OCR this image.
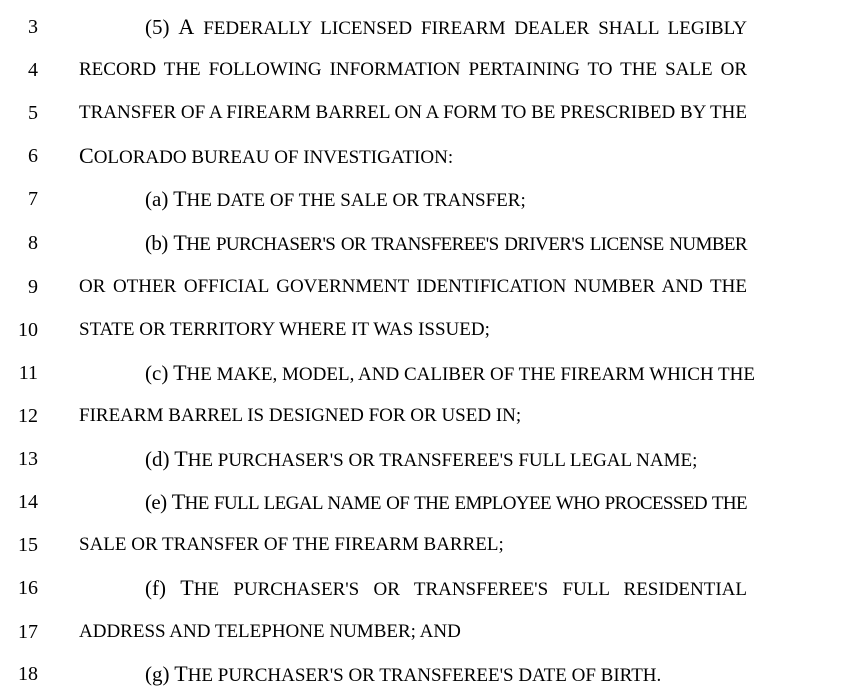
3	(5) A FEDERALLY LICENSED FIREARM DEALER SHALL LEGIBLY
4 RECORD THE FOLLOWING INFORMATION PERTAINING TO THE SALE OR
5 TRANSFER OF A FIREARM BARREL ON A FORM TO BE PRESCRIBED BY THE
6 COLORADO BUREAU OF INVESTIGATION:
7	(a) THE DATE OF THE SALE OR TRANSFER;
8	(b) THE PURCHASER'S OR TRANSFEREE'S DRIVER'S LICENSE NUMBER
9 OR OTHER OFFICIAL GOVERNMENT IDENTIFICATION NUMBER AND THE
10 STATE OR TERRITORY WHERE IT WAS ISSUED;
11	(c) THE MAKE, MODEL, AND CALIBER OF THE FIREARM WHICH THE
12 FIREARM BARREL IS DESIGNED FOR OR USED IN;
13	(d) THE PURCHASER'S OR TRANSFEREE'S FULL LEGAL NAME;
14	(e) THE FULL LEGAL NAME OF THE EMPLOYEE WHO PROCESSED THE
15 SALE OR TRANSFER OF THE FIREARM BARREL;
16	(f) THE PURCHASER'S OR TRANSFEREE'S FULL RESIDENTIAL
17 ADDRESS AND TELEPHONE NUMBER; AND
18	(g) THE PURCHASER'S OR TRANSFEREE'S DATE OF BIRTH.
